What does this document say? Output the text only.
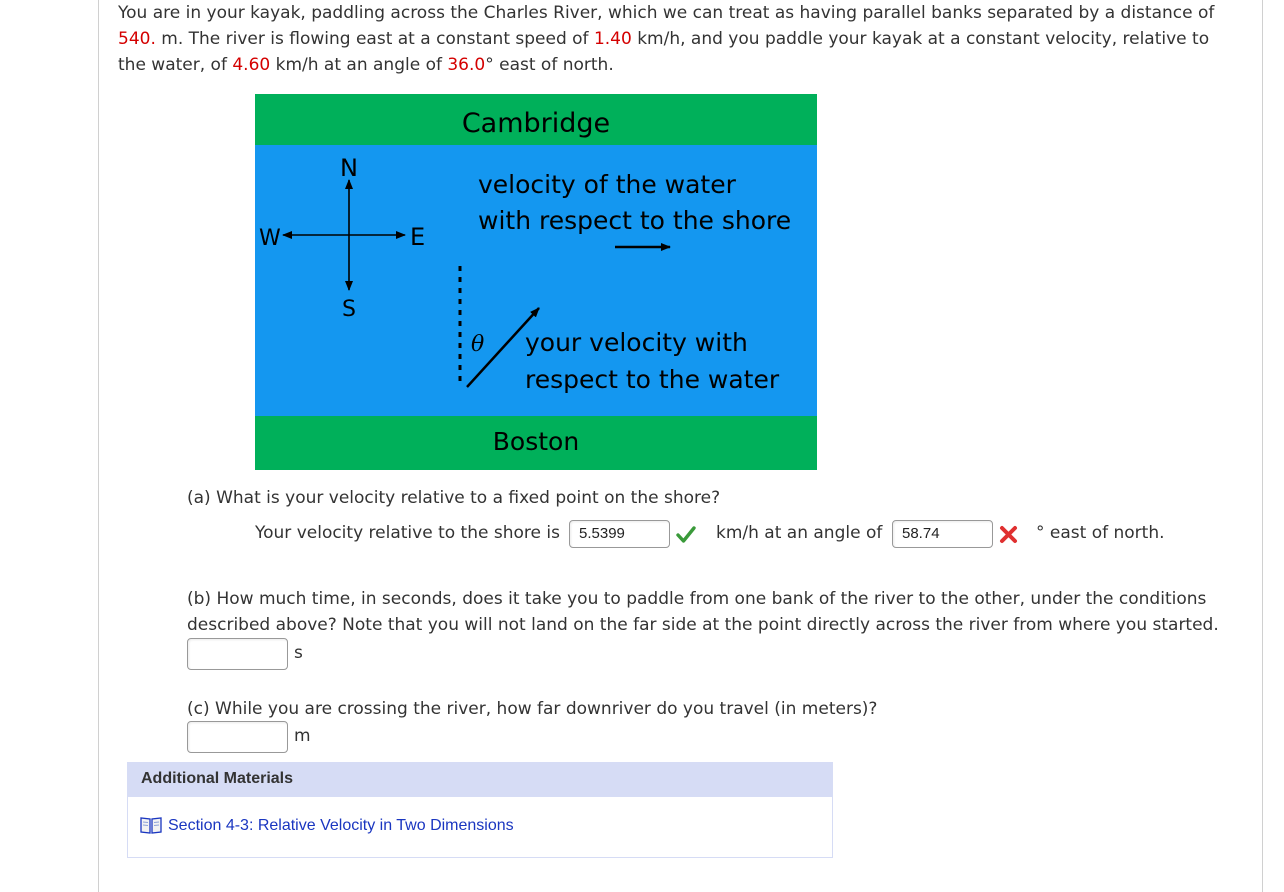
You are in your kayak, paddling across the Charles River, which we can treat as having parallel banks separated by a distance of 540. m. The river is flowing east at a constant speed of 1.40 km/h, and you paddle your kayak at a constant velocity, relative to the water, of 4.60 km/h at an angle of 36.0° east of north.
Cambridge
Boston
N
S
E
W
velocity of the water
with respect to the shore
θ your velocity with
respect to the water
(a) What is your velocity relative to a fixed point on the shore?
Your velocity relative to the shore is	5.5399	km/h at an angle of	58.74	° east of north.
(b) How much time, in seconds, does it take you to paddle from one bank of the river to the other, under the conditions
described above? Note that you will not land on the far side at the point directly across the river from where you started.
s
(c) While you are crossing the river, how far downriver do you travel (in meters)?
m
Additional Materials
Section 4-3: Relative Velocity in Two Dimensions
